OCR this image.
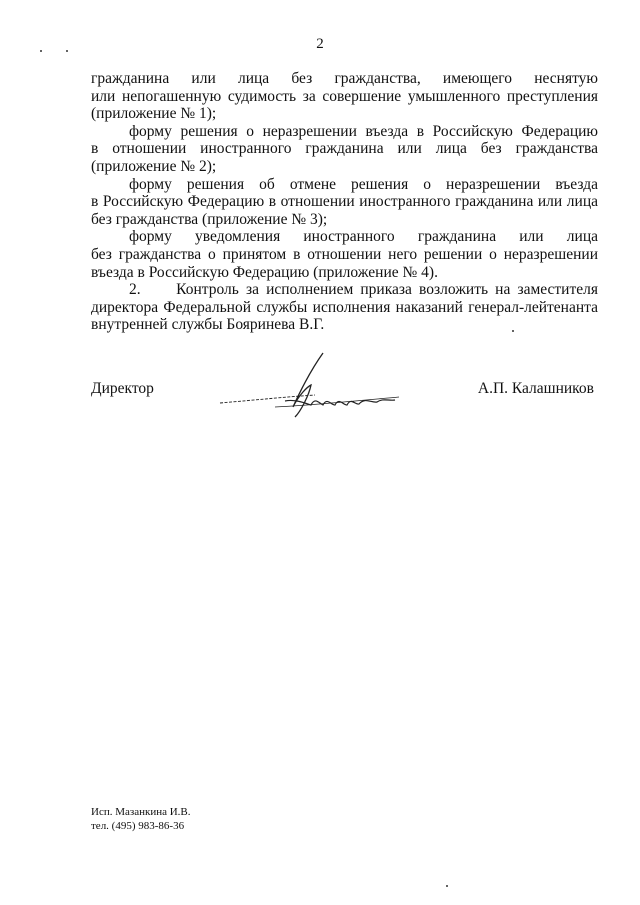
2

гражданина или лица без гражданства, имеющего неснятую
или непогашенную судимость за совершение умышленного преступления
(приложение № 1);

форму решения о неразрешении въезда в Российскую Федерацию
в отношении иностранного гражданина или лица без гражданства
(приложение № 2);

форму решения об отмене решения о неразрешении въезда
в Российскую Федерацию в отношении иностранного гражданина или лица
без гражданства (приложение № 3);

форму уведомления иностранного гражданина или лица
без гражданства о принятом в отношении него решении о неразрешении
въезда в Российскую Федерацию (приложение № 4).

2.     Контроль за исполнением приказа возложить на заместителя
директора Федеральной службы исполнения наказаний генерал-лейтенанта
внутренней службы Бояринева В.Г.

Директор	А.П. Калашников
Исп. Мазанкина И.В.
тел. (495) 983-86-36
